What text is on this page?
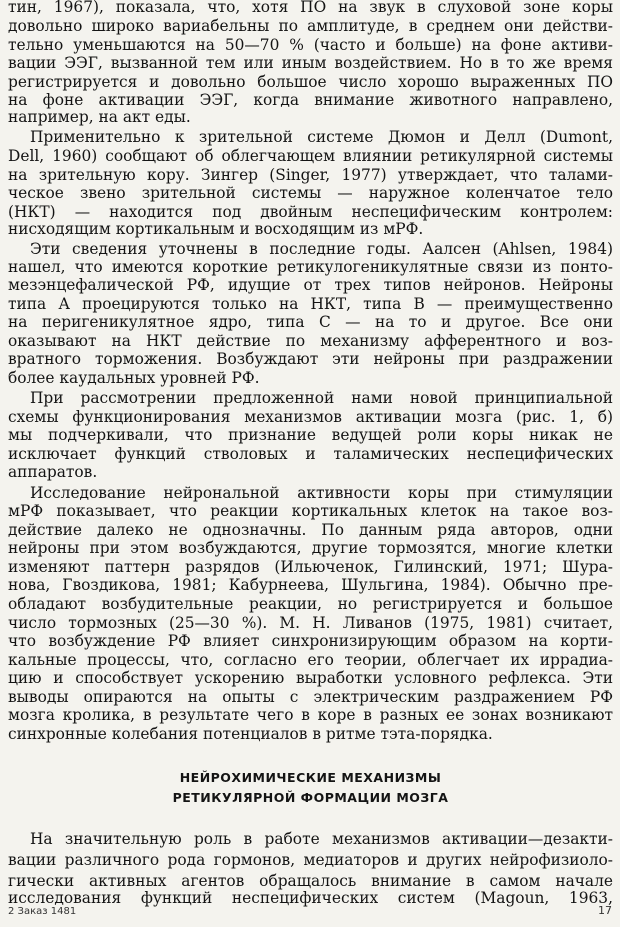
тин, 1967), показала, что, хотя ПО на звук в слуховой зоне коры
довольно широко вариабельны по амплитуде, в среднем они действи-
тельно уменьшаются на 50—70 % (часто и больше) на фоне активи-
вации ЭЭГ, вызванной тем или иным воздействием. Но в то же время
регистрируется и довольно большое число хорошо выраженных ПО
на фоне активации ЭЭГ, когда внимание животного направлено,
например, на акт еды.
Применительно к зрительной системе Дюмон и Делл (Dumont,
Dell, 1960) сообщают об облегчающем влиянии ретикулярной системы
на зрительную кору. Зингер (Singer, 1977) утверждает, что талами-
ческое звено зрительной системы — наружное коленчатое тело
(НКТ) — находится под двойным неспецифическим контролем:
нисходящим кортикальным и восходящим из мРФ.
Эти сведения уточнены в последние годы. Аалсен (Ahlsen, 1984)
нашел, что имеются короткие ретикулогеникулятные связи из понто-
мезэнцефалической РФ, идущие от трех типов нейронов. Нейроны
типа А проецируются только на НКТ, типа В — преимущественно
на перигеникулятное ядро, типа С — на то и другое. Все они
оказывают на НКТ действие по механизму афферентного и воз-
вратного торможения. Возбуждают эти нейроны при раздражении
более каудальных уровней РФ.
При рассмотрении предложенной нами новой принципиальной
схемы функционирования механизмов активации мозга (рис. 1, б)
мы подчеркивали, что признание ведущей роли коры никак не
исключает функций стволовых и таламических неспецифических
аппаратов.
Исследование нейрональной активности коры при стимуляции
мРФ показывает, что реакции кортикальных клеток на такое воз-
действие далеко не однозначны. По данным ряда авторов, одни
нейроны при этом возбуждаются, другие тормозятся, многие клетки
изменяют паттерн разрядов (Ильюченок, Гилинский, 1971; Шура-
нова, Гвоздикова, 1981; Кабурнеева, Шульгина, 1984). Обычно пре-
обладают возбудительные реакции, но регистрируется и большое
число тормозных (25—30 %). М. Н. Ливанов (1975, 1981) считает,
что возбуждение РФ влияет синхронизирующим образом на корти-
кальные процессы, что, согласно его теории, облегчает их иррадиа-
цию и способствует ускорению выработки условного рефлекса. Эти
выводы опираются на опыты с электрическим раздражением РФ
мозга кролика, в результате чего в коре в разных ее зонах возникают
синхронные колебания потенциалов в ритме тэта-порядка.
НЕЙРОХИМИЧЕСКИЕ МЕХАНИЗМЫ
РЕТИКУЛЯРНОЙ ФОРМАЦИИ МОЗГА
На значительную роль в работе механизмов активации—дезакти-
вации различного рода гормонов, медиаторов и других нейрофизиоло-
гически активных агентов обращалось внимание в самом начале
исследования функций неспецифических систем (Magoun, 1963,
2 Заказ 1481	17
